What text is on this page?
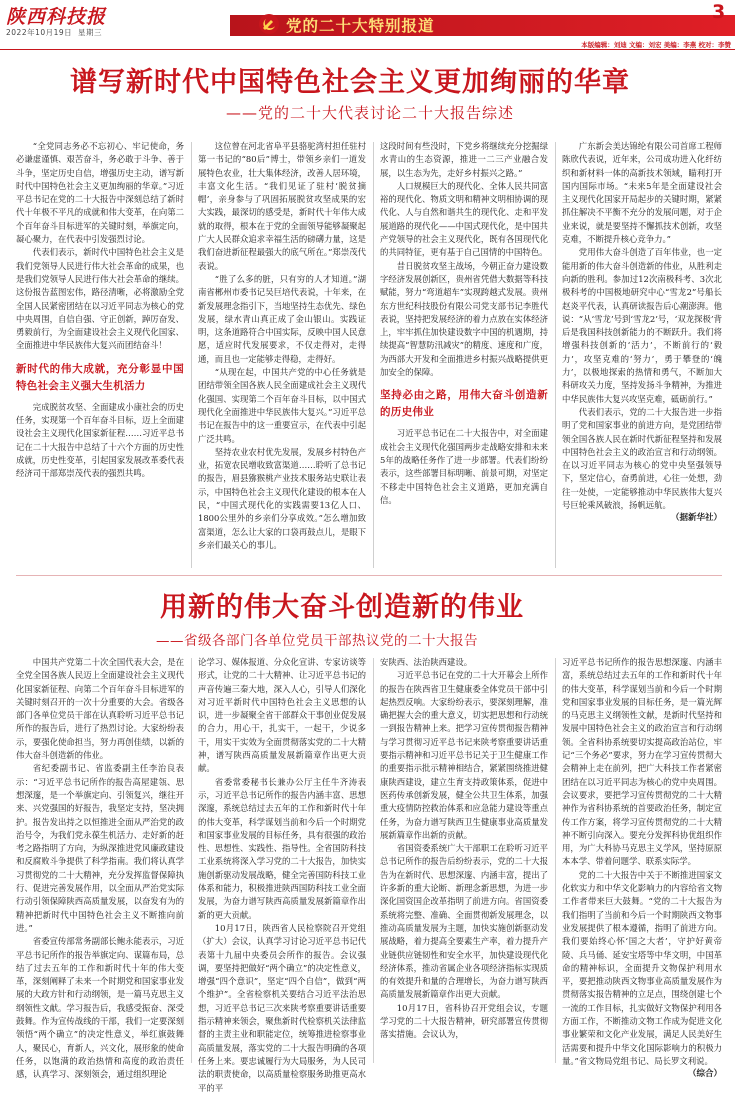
陕西科技报
2022年10月19日 星期三	党的二十大特别报道
3
本版编辑：刘迪 文编：刘宏 美编：李燕 校对：李赞
谱写新时代中国特色社会主义更加绚丽的华章
——党的二十大代表讨论二十大报告综述

“全党同志务必不忘初心、牢记使命，务必谦虚谨慎、艰苦奋斗，务必敢于斗争、善于斗争，坚定历史自信，增强历史主动，谱写新时代中国特色社会主义更加绚丽的华章。”习近平总书记在党的二十大报告中深刻总结了新时代十年极不平凡的成就和伟大变革，在向第二个百年奋斗目标进军的关键时刻，举旗定向，凝心聚力，在代表中引发强烈讨论。

代表们表示，新时代中国特色社会主义是我们党领导人民进行伟大社会革命的成果，也是我们党领导人民进行伟大社会革命的继续。这份报告蓝图宏伟，路径清晰，必将激励全党全国人民紧密团结在以习近平同志为核心的党中央周围，自信自强、守正创新，踔厉奋发、勇毅前行，为全面建设社会主义现代化国家、全面推进中华民族伟大复兴而团结奋斗！

新时代的伟大成就，充分彰显中国特色社会主义强大生机活力

完成脱贫攻坚、全面建成小康社会的历史任务，实现第一个百年奋斗目标，迈上全面建设社会主义现代化国家新征程……习近平总书记在二十大报告中总结了十六个方面的历史性成就，历史性变革，引起国家发展改革委代表经济司干部郑崇茂代表的强烈共鸣。

这位曾在河北省阜平县骆驼湾村担任驻村第一书记的“80后”博士，带领乡亲们一道发展特色农业，壮大集体经济，改善人居环境，丰富文化生活。“我们见证了驻村‘脱贫摘帽’，亲身参与了巩固拓展脱贫攻坚成果的宏大实践，最深切的感受是，新时代十年伟大成就的取得，根本在于党的全面领导能够凝聚起广大人民群众追求幸福生活的磅礴力量，这是我们奋进新征程最强大的底气所在。”郑崇茂代表说。

“胜了么多的脏，只有穷的人才知道。”湖南省郴州市委书记吴巨培代表说，十年来，在新发展理念指引下，当地坚持生态优先、绿色发展，绿水青山真正成了金山银山。实践证明，这条道路符合中国实际，反映中国人民意愿，适应时代发展要求，不仅走得对，走得通，而且也一定能够走得稳，走得好。

“从现在起，中国共产党的中心任务就是团结带领全国各族人民全面建成社会主义现代化强国、实现第二个百年奋斗目标，以中国式现代化全面推进中华民族伟大复兴。”习近平总书记在报告中的这一重要宣示，在代表中引起广泛共鸣。

坚持农业农村优先发展，发展乡村特色产业，拓宽农民增收致富渠道……聆听了总书记的报告，眉县猕猴桃产业技术服务站史联让表示，中国特色社会主义现代化建设的根本在人民，“中国式现代化的实践需要13亿人口、1800公里外的乡亲们分享成效。”怎么增加致富渠道，怎么让大家的口袋再鼓点儿，是眼下乡亲们最关心的事儿。

这段时间有些没时，下党乡将继续充分挖掘绿水青山的生态资源，推进一二三产业融合发展，以生态为先，走好乡村振兴之路。”

人口规模巨大的现代化、全体人民共同富裕的现代化、物质文明和精神文明相协调的现代化、人与自然和谐共生的现代化、走和平发展道路的现代化——中国式现代化，是中国共产党领导的社会主义现代化，既有各国现代化的共同特征，更有基于自己国情的中国特色。

昔日脱贫攻坚主战场，今朝正奋力建设数字经济发展创新区，贵州省凭借大数据等科技赋能，努力“弯道超车”实现跨越式发展。贵州东方世纪科技股份有限公司党支部书记李胜代表说，坚持把发展经济的着力点放在实体经济上，牢牢抓住加快建设数字中国的机遇期，持续提高“智慧防汛减灾”的精度、速度和广度，为西部大开发和全面推进乡村振兴战略提供更加安全的保障。

坚持必由之路，用伟大奋斗创造新的历史伟业

习近平总书记在二十大报告中，对全面建成社会主义现代化强国两步走战略安排和未来5年的战略任务作了进一步部署。代表们纷纷表示，这些部署目标明晰、前景可期，对坚定不移走中国特色社会主义道路，更加充满自信。

广东新会美达锦纶有限公司首席工程师陈欣代表说，近年来，公司成功进入化纤纺织和新材料一体的高新技术领域，瞄利打开国内国际市场。“未来5年是全面建设社会主义现代化国家开局起步的关键时期，紧紧抓住解决不平衡不充分的发展问题，对于企业来说，就是要坚持不懈抓技术创新，攻坚克难，不断提升核心竞争力。”

党用伟大奋斗创造了百年伟业，也一定能用新的伟大奋斗创造新的伟业，从胜利走向新的胜利。参加过12次南极科考、3次北极科考的中国极地研究中心“雪龙2”号船长赵炎平代表，认真研读报告后心潮澎湃。他说：“从‘雪龙’号到‘雪龙2’号，‘双龙探极’背后是我国科技创新能力的不断跃升。我们将增强科技创新的‘活力’，不断前行的‘毅力’，攻坚克难的‘努力’，勇于攀登的‘魄力’，以极地探索的热情和勇气，不断加大科研攻关力度，坚持发扬斗争精神，为推进中华民族伟大复兴攻坚克难，砥砺前行。”

代表们表示，党的二十大报告进一步指明了党和国家事业的前进方向，是党团结带领全国各族人民在新时代新征程坚持和发展中国特色社会主义的政治宣言和行动纲领。在以习近平同志为核心的党中央坚强领导下，坚定信心，奋勇前进，心往一处想，劲往一处使，一定能够推动中华民族伟大复兴号巨轮乘风破浪，扬帆远航。

（据新华社）
用新的伟大奋斗创造新的伟业
——省级各部门各单位党员干部热议党的二十大报告

中国共产党第二十次全国代表大会，是在全党全国各族人民迈上全面建设社会主义现代化国家新征程、向第二个百年奋斗目标进军的关键时刻召开的一次十分重要的大会。省级各部门各单位党员干部在认真聆听习近平总书记所作的报告后，进行了热烈讨论。大家纷纷表示，要强化使命担当，努力再创佳绩，以新的伟大奋斗创造新的伟业。

省纪委副书记、省监委副主任李治良表示：“习近平总书记所作的报告高屋建瓴、思想深邃，是一个举旗定向、引领复兴，继往开来、兴党强国的好报告，我坚定支持，坚决拥护。报告发出持之以恒推进全面从严治党的政治号令，为我们党永葆生机活力、走好新的赶考之路指明了方向，为纵深推进党风廉政建设和反腐败斗争提供了科学指南。我们将认真学习贯彻党的二十大精神，充分发挥监督保障执行、促进完善发展作用，以全面从严治党实际行动引领保障陕西高质量发展，以奋发有为的精神把新时代中国特色社会主义不断推向前进。”

省委宣传部常务副部长鲍永能表示，习近平总书记所作的报告举旗定向、谋篇布局，总结了过去五年的工作和新时代十年的伟大变革，深刻阐释了未来一个时期党和国家事业发展的大政方针和行动纲领，是一篇马克思主义纲领性文献。学习报告后，我感受振奋、深受鼓舞。作为宣传战线的干部，我们一定要深刻领悟“两个确立”的决定性意义，举红旗鼓舞人，聚民心，育新人，兴文化，展形象的使命任务，以饱满的政治热情和高度的政治责任感，认真学习、深刻领会，通过组织理论

论学习、媒体报道、分众化宣讲、专家访谈等形式，让党的二十大精神、让习近平总书记的声音传遍三秦大地，深入人心，引导人们深化对习近平新时代中国特色社会主义思想的认识，进一步凝聚全省干部群众干事创业促发展的合力，用心干，扎实干，一起干，少说多干，用实干实效为全面贯彻落实党的二十大精神，谱写陕西高质量发展新篇章作出更大贡献。

省委常委秘书长兼办公厅主任牛齐涛表示，习近平总书记所作的报告内涵丰富、思想深邃，系统总结过去五年的工作和新时代十年的伟大变革，科学谋划当前和今后一个时期党和国家事业发展的目标任务，具有很强的政治性、思想性、实践性、指导性。全省国防科技工业系统将深入学习党的二十大报告，加快实施创新驱动发展战略，健全完善国防科技工业体系和能力，积极推进陕西国防科技工业全面发展，为奋力谱写陕西高质量发展新篇章作出新的更大贡献。

10月17日，陕西省人民检察院召开党组（扩大）会议，认真学习讨论习近平总书记代表第十九届中央委员会所作的报告。会议强调，要坚持把做好“两个确立”的决定性意义，增强“四个意识”，坚定“四个自信”，做到“两个维护”。全省检察机关要结合习近平法治思想，习近平总书记三次来陕考察重要讲话重要指示精神来领会，聚焦新时代检察机关法律监督的主责主业和职能定位，统筹推进检察事业高质量发展，落实党的二十大报告明确的各项任务上来。要忠诚履行为大局服务，为人民司法的职责使命，以高质量检察服务助推更高水平的平

安陕西、法治陕西建设。

习近平总书记在党的二十大开幕会上所作的报告在陕西省卫生健康委全体党员干部中引起热烈反响。大家纷纷表示，要深刻理解，准确把握大会的重大意义，切实把思想和行动统一到报告精神上来。把学习宣传贯彻报告精神与学习贯彻习近平总书记来陕考察重要讲话重要指示精神和习近平总书记关于卫生健康工作的重要指示批示精神相结合，紧紧围绕推进健康陕西建设，建立生育支持政策体系，促进中医药传承创新发展，健全公共卫生体系，加强重大疫情防控救治体系和应急能力建设等重点任务，为奋力谱写陕西卫生健康事业高质量发展新篇章作出新的贡献。

省国资委系统广大干部职工在聆听习近平总书记所作的报告后纷纷表示，党的二十大报告为在新时代、思想深邃、内涵丰富，提出了许多新的重大论断、新理念新思想，为进一步深化国资国企改革指明了前进方向。省国资委系统将完整、准确、全面贯彻新发展理念，以推动高质量发展为主题，加快实施创新驱动发展战略，着力提高全要素生产率，着力提升产业链供应链韧性和安全水平，加快建设现代化经济体系，推动省属企业各项经济指标实现质的有效提升和量的合理增长，为奋力谱写陕西高质量发展新篇章作出更大贡献。

10月17日，省科协召开党组会议，专题学习党的二十大报告精神，研究部署宣传贯彻落实措施。会议认为，

习近平总书记所作的报告思想深邃、内涵丰富，系统总结过去五年的工作和新时代十年的伟大变革，科学谋划当前和今后一个时期党和国家事业发展的目标任务，是一篇光辉的马克思主义纲领性文献，是新时代坚持和发展中国特色社会主义的政治宣言和行动纲领。全省科协系统要切实提高政治站位，牢记“三个务必”要求，努力在学习宣传贯彻大会精神上走在前列，把广大科技工作者紧密团结在以习近平同志为核心的党中央周围。会议要求，要把学习宣传贯彻党的二十大精神作为省科协系统的首要政治任务，制定宣传工作方案，将学习宣传贯彻党的二十大精神不断引向深入。要充分发挥科协优组织作用，为广大科协马克思主义学风，坚持原原本本学、带着问题学、联系实际学。

党的二十大报告中关于不断推进国家文化软实力和中华文化影响力的内容给省文物工作者带来巨大鼓舞。“党的二十大报告为我们指明了当前和今后一个时期陕西文物事业发展提供了根本遵循，指明了前进方向。我们要始终心怀‘国之大者’，守护好黄帝陵、兵马俑、延安宝塔等中华文明，中国革命的精神标识，全面提升文物保护利用水平，要把推动陕西文物事业高质量发展作为贯彻落实报告精神的立足点，围绕创建七个一流的工作目标，扎实做好文物保护利用各方面工作，不断推动文物工作成为促进文化事业繁荣和文化产业发展，满足人民美好生活需要和提升中华文化国际影响力的积极力量。”省文物局党组书记、局长罗文利说。

（综合）
